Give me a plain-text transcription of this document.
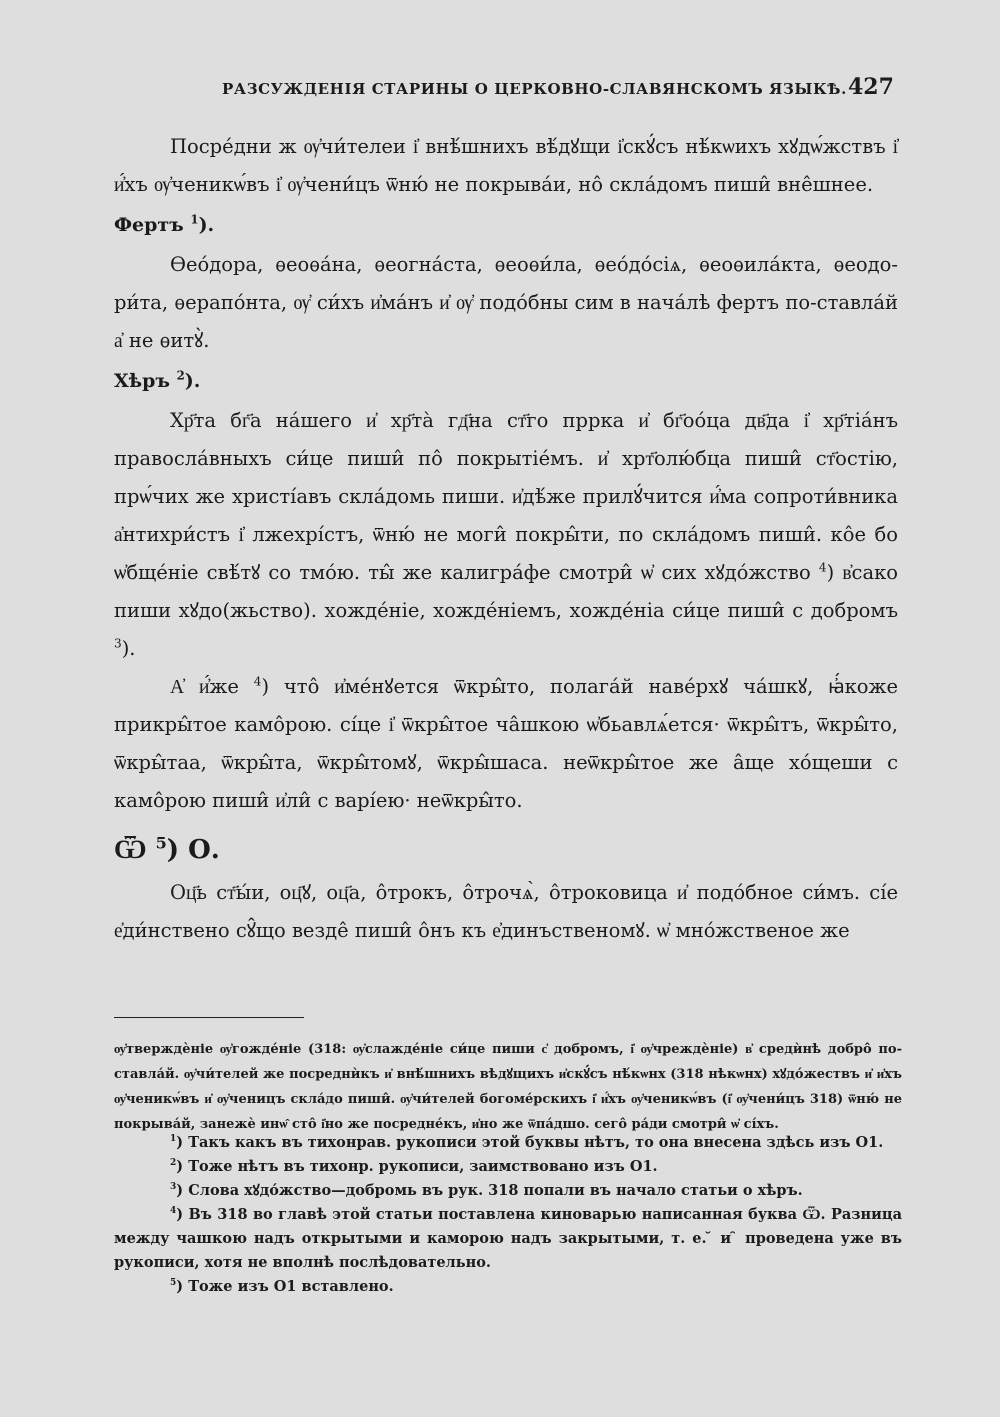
РАЗСУЖДЕНІЯ СТАРИНЫ О ЦЕРКОВНО-СЛАВЯНСКОМЪ ЯЗЫКѢ. 427

Посре́дни ж ѹ҆чи́телеи і҆ внѣ́шнихъ вѣ́дꙋщи і҆скꙋ́съ нѣ́кѡихъ хꙋдѡ́жствъ і҆ и҆́хъ ѹ҆ченикѡ́въ і҆ ѹ҆чени́цъ ѿню́ не покрыва́и, но̂ скла́домъ пиши̂ вне̂шнее.

Фертъ $^1$).

Ѳео́дора, ѳеоѳа́на, ѳеогна́ста, ѳеоѳи́ла, ѳео́до́сіѧ, ѳеоѳила́кта, ѳеодо-ри́та, ѳерапо́нта, ѹ҆ си́хъ и҆ма́нъ и҆ ѹ҆ подо́бны сим в нача́лѣ фертъ по-ставла́й а҆ не ѳитꙋ̀.

Хѣръ $^2$).

Хр҃та бг҃а на́шего и҆ хр҃та̀ гд҃на ст҃го пррка и҆ бг҃оо́ца дв҃да і҆ хр҃тіа́нъ правосла́вныхъ си́це пиши̂ по̂ покрытіе́мъ. и҆ хрт҃олю́бца пиши̂ ст҃остію, прѡ́чих же христі́авъ скла́домь пиши. и҆дѣ́же прилꙋ́чится и҆́ма сопроти́вника а҆нтихри́стъ і҆ лжехрі́стъ, ѿню́ не моги̂ покры̂ти, по скла́домъ пиши̂. ко̂е бо ѡ҆бще́ніе свѣ́тꙋ со тмо́ю. ты̂ же калигра́фе смотри̂ ѡ҆ сих хꙋдо́жство $^4$) в҆сако пиши хꙋдо(жьство). хожде́ніе, хожде́ніемъ, хожде́ніа си́це пиши̂ с добромъ $^3$).

А҆ и҆́же $^4$) что̂ и҆ме́нꙋется ѿкры̂то, полага́й наве́рхꙋ ча́шкꙋ, ꙗ҆́коже прикры̂тое камо̂рою. сі́це і҆ ѿкры̂тое ча̂шкою ѡ҆бьавлѧ́ется· ѿкры̂тъ, ѿкры̂то, ѿкры̂таа, ѿкры̂та, ѿкры̂томꙋ, ѿкры̂шаса. неѿкры̂тое же а̂ще хо́щеши с камо̂рою пиши̂ и҆ли̂ с варі́ею· неѿкры̂то.

Ѿ $^5$) О.

Оц҃ь ст҃ы́и, оц҃ꙋ, оц҃а, о̂трокъ, о̂трочѧ̀, о̂троковица и҆ подо́бное си́мъ. сі́е е҆ди́нствено сꙋ̂що везде̂ пиши̂ о̂нъ къ е҆динъственомꙋ. ѡ҆ мно́жственое же

ѹ҆тверждѐніе ѹ҆гожде́ніе (318: ѹ҆слажде́ніе си́це пиши с҆ добромъ, і҆ ѹ҆чреждѐніе) в҆ средѝнѣ добро̂ по-ставла́й. ѹ҆чи́телей же посреднѝкъ и҆ внѣ́шнихъ вѣдꙋщихъ и҆скꙋ́съ нѣ́кѡнх (318 нѣкѡнх) хꙋдо́жествъ и҆ и҆хъ ѹ҆ченикѡ́въ и҆ ѹ҆ченицъ скла́до пиши̂. ѹ҆чи́телей богоме́рскихъ і҆ и҆́хъ ѹ҆ченикѡ́въ (і҆ ѹ҆чени́цъ 318) ѿню́ не покрыва́й, занежѐ инѡ̂ сто̂ і҆но же посредне́къ, и҆но же ѿпа́дшо. сего̂ ра́ди смотри̂ ѡ҆ сі́хъ.

$^1$) Такъ какъ въ тихонрав. рукописи этой буквы нѣтъ, то она внесена здѣсь изъ О1.

$^2$) Тоже нѣтъ въ тихонр. рукописи, заимствовано изъ О1.

$^3$) Слова хꙋдо́жство—добромь въ рук. 318 попали въ начало статьи о хѣръ.

$^4$) Въ 318 во главѣ этой статьи поставлена киноварью написанная буква Ѿ. Разница между чашкою надъ открытыми и каморою надъ закрытыми, т. е. ̆ и ̑ проведена уже въ рукописи, хотя не вполнѣ послѣдовательно.

$^5$) Тоже изъ О1 вставлено.
